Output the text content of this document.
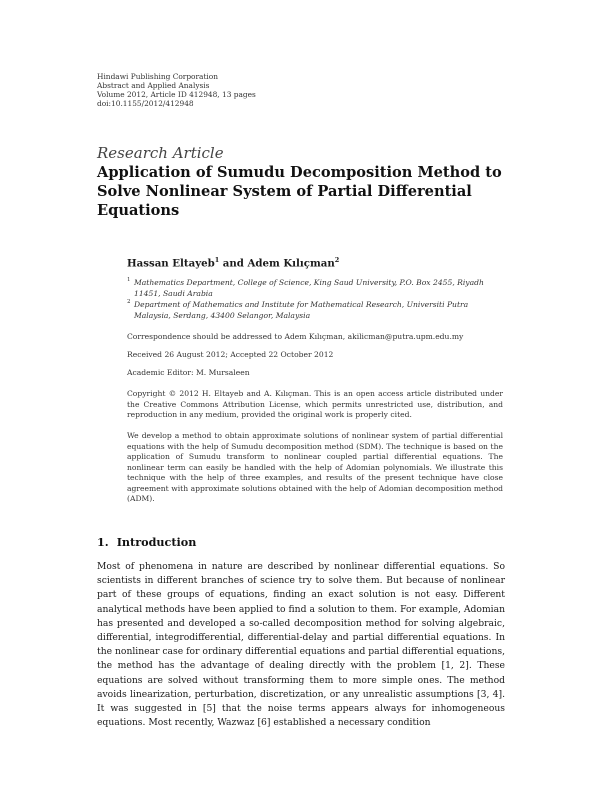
Hindawi Publishing Corporation
Abstract and Applied Analysis
Volume 2012, Article ID 412948, 13 pages
doi:10.1155/2012/412948
Research Article
Application of Sumudu Decomposition Method to Solve Nonlinear System of Partial Differential Equations
Hassan Eltayeb$^1$ and Adem Kılıçman$^2$
1 Mathematics Department, College of Science, King Saud University, P.O. Box 2455, Riyadh 11451, Saudi Arabia
2 Department of Mathematics and Institute for Mathematical Research, Universiti Putra Malaysia, Serdang, 43400 Selangor, Malaysia
Correspondence should be addressed to Adem Kılıçman, akilicman@putra.upm.edu.my
Received 26 August 2012; Accepted 22 October 2012
Academic Editor: M. Mursaleen
Copyright © 2012 H. Eltayeb and A. Kılıçman. This is an open access article distributed under the Creative Commons Attribution License, which permits unrestricted use, distribution, and reproduction in any medium, provided the original work is properly cited.
We develop a method to obtain approximate solutions of nonlinear system of partial differential equations with the help of Sumudu decomposition method (SDM). The technique is based on the application of Sumudu transform to nonlinear coupled partial differential equations. The nonlinear term can easily be handled with the help of Adomian polynomials. We illustrate this technique with the help of three examples, and results of the present technique have close agreement with approximate solutions obtained with the help of Adomian decomposition method (ADM).
1. Introduction
Most of phenomena in nature are described by nonlinear differential equations. So scientists in different branches of science try to solve them. But because of nonlinear part of these groups of equations, finding an exact solution is not easy. Different analytical methods have been applied to find a solution to them. For example, Adomian has presented and developed a so-called decomposition method for solving algebraic, differential, integrodifferential, differential-delay and partial differential equations. In the nonlinear case for ordinary differential equations and partial differential equations, the method has the advantage of dealing directly with the problem [1, 2]. These equations are solved without transforming them to more simple ones. The method avoids linearization, perturbation, discretization, or any unrealistic assumptions [3, 4]. It was suggested in [5] that the noise terms appears always for inhomogeneous equations. Most recently, Wazwaz [6] established a necessary condition
